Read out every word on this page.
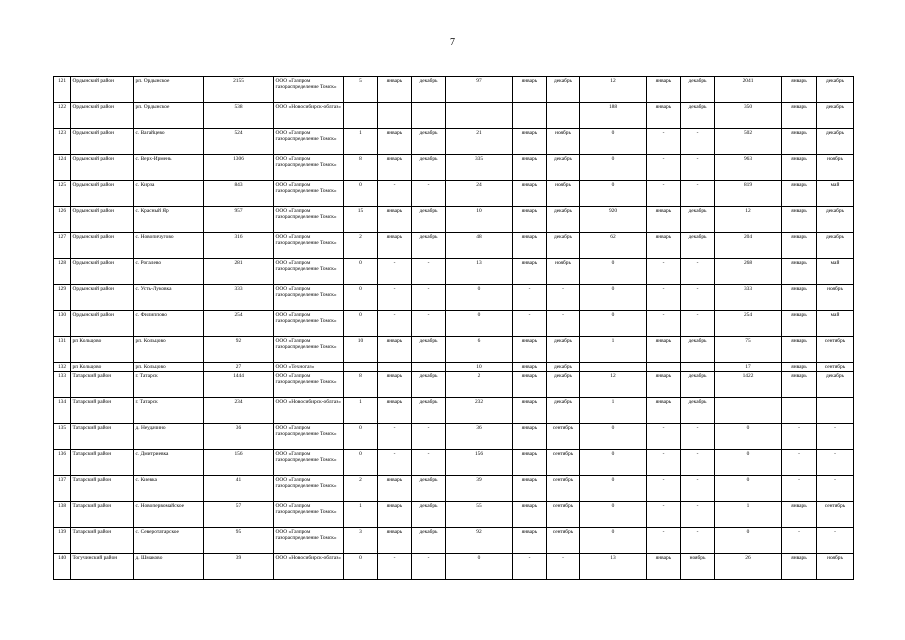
7
121	Ордынский район	рп. Ордынское	2155	ООО «Газпром газораспределение Томск»	5	январь	декабрь	97	январь	декабрь	12	январь	декабрь	2041	январь	декабрь
122	Ордынский район	рп. Ордынское	538	ООО «Новосибирск-облгаз»							188	январь	декабрь	350	январь	декабрь
123	Ордынский район	с. Вагайцево	524	ООО «Газпром газораспределение Томск»	1	январь	декабрь	21	январь	ноябрь	0	-	-	502	январь	декабрь
124	Ордынский район	с. Верх-Ирмень	1306	ООО «Газпром газораспределение Томск»	8	январь	декабрь	335	январь	декабрь	0	-	-	963	январь	ноябрь
125	Ордынский район	с. Кирза	843	ООО «Газпром газораспределение Томск»	0	-	-	24	январь	ноябрь	0	-	-	819	январь	май
126	Ордынский район	с. Красный Яр	957	ООО «Газпром газораспределение Томск»	15	январь	декабрь	10	январь	декабрь	920	январь	декабрь	12	январь	декабрь
127	Ордынский район	с. Новопичугово	316	ООО «Газпром газораспределение Томск»	2	январь	декабрь	48	январь	декабрь	62	январь	декабрь	204	январь	декабрь
128	Ордынский район	с. Рогалево	281	ООО «Газпром газораспределение Томск»	0	-	-	13	январь	ноябрь	0	-	-	268	январь	май
129	Ордынский район	с. Усть-Луковка	333	ООО «Газпром газораспределение Томск»	0	-	-	0	-	-	0	-	-	333	январь	ноябрь
130	Ордынский район	с. Филиппово	254	ООО «Газпром газораспределение Томск»	0	-	-	0	-	-	0	-	-	254	январь	май
131	рп Кольцово	рп. Кольцово	92	ООО «Газпром газораспределение Томск»	10	январь	декабрь	6	январь	декабрь	1	январь	декабрь	75	январь	сентябрь
132	рп Кольцово	рп. Кольцово	27	ООО «Техногаз»				10	январь	декабрь				17	январь	сентябрь
133	Татарский район	г. Татарск	1444	ООО «Газпром газораспределение Томск»	8	январь	декабрь	2	январь	декабрь	12	январь	декабрь	1422	январь	декабрь
134	Татарский район	г. Татарск	234	ООО «Новосибирск-облгаз»	1	январь	декабрь	232	январь	декабрь	1	январь	декабрь			
135	Татарский район	д. Неудачино	36	ООО «Газпром газораспределение Томск»	0	-	-	36	январь	сентябрь	0	-	-	0	-	-
136	Татарский район	с. Дмитриевка	156	ООО «Газпром газораспределение Томск»	0	-	-	156	январь	сентябрь	0	-	-	0	-	-
137	Татарский район	с. Киевка	41	ООО «Газпром газораспределение Томск»	2	январь	декабрь	39	январь	сентябрь	0	-	-	0	-	-
138	Татарский район	с. Новопервомайское	57	ООО «Газпром газораспределение Томск»	1	январь	декабрь	55	январь	сентябрь	0	-	-	1	январь	сентябрь
139	Татарский район	с. Северотатарское	95	ООО «Газпром газораспределение Томск»	3	январь	декабрь	92	январь	сентябрь	0	-	-	0	-	-
140	Тогучинский район	д. Шмаково	39	ООО «Новосибирск-облгаз»	0	-	-	0	-	-	13	январь	ноябрь	26	январь	ноябрь
